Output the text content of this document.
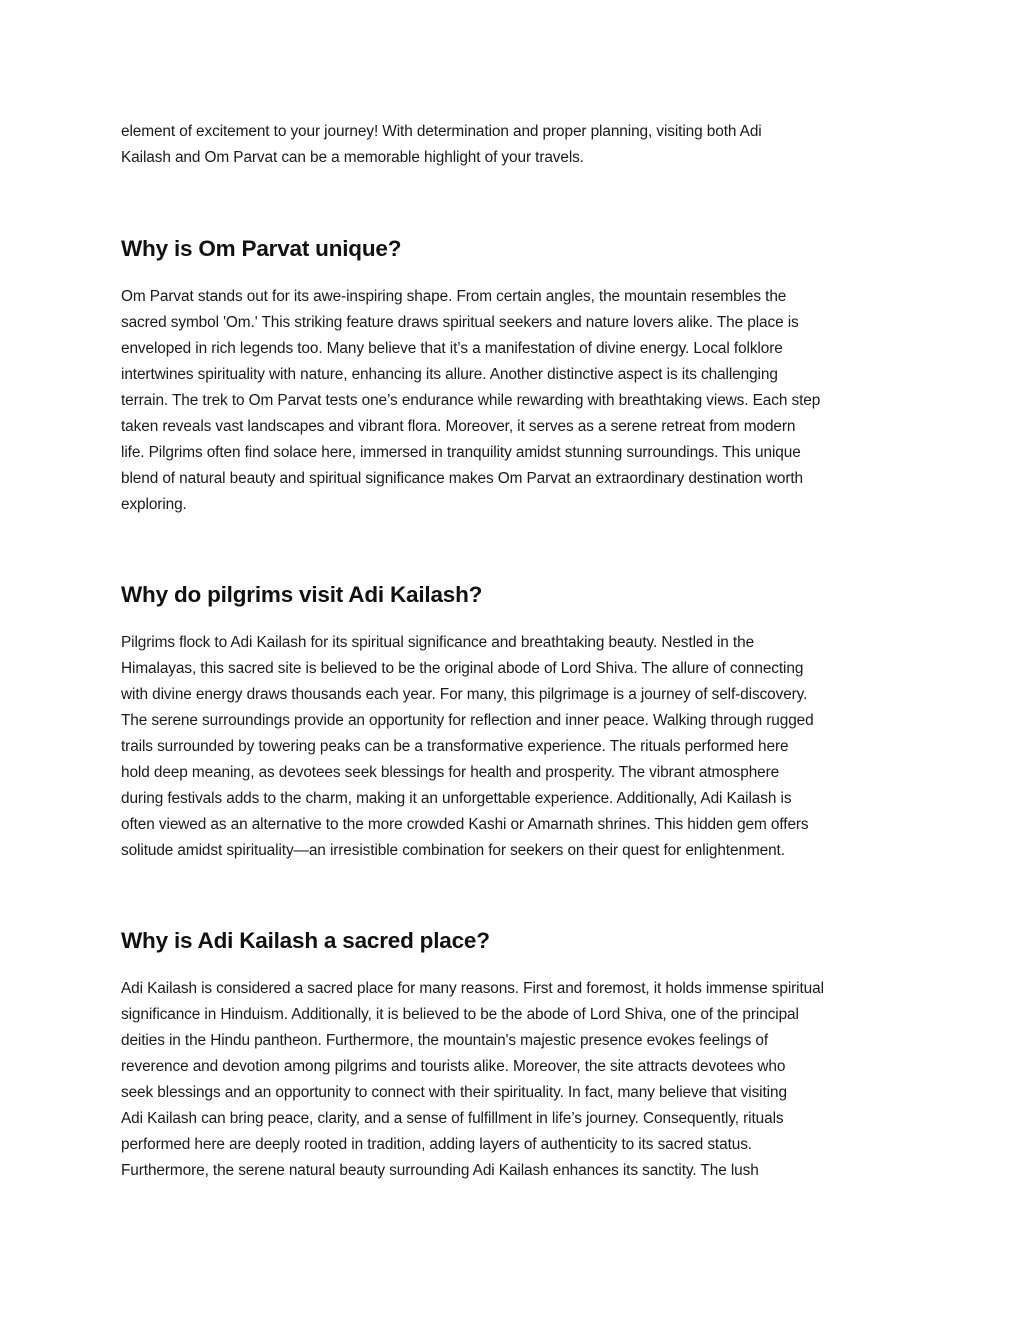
element of excitement to your journey! With determination and proper planning, visiting both Adi
Kailash and Om Parvat can be a memorable highlight of your travels.
Why is Om Parvat unique?
Om Parvat stands out for its awe-inspiring shape. From certain angles, the mountain resembles the
sacred symbol 'Om.' This striking feature draws spiritual seekers and nature lovers alike. The place is
enveloped in rich legends too. Many believe that it’s a manifestation of divine energy. Local folklore
intertwines spirituality with nature, enhancing its allure. Another distinctive aspect is its challenging
terrain. The trek to Om Parvat tests one’s endurance while rewarding with breathtaking views. Each step
taken reveals vast landscapes and vibrant flora. Moreover, it serves as a serene retreat from modern
life. Pilgrims often find solace here, immersed in tranquility amidst stunning surroundings. This unique
blend of natural beauty and spiritual significance makes Om Parvat an extraordinary destination worth
exploring.
Why do pilgrims visit Adi Kailash?
Pilgrims flock to Adi Kailash for its spiritual significance and breathtaking beauty. Nestled in the
Himalayas, this sacred site is believed to be the original abode of Lord Shiva. The allure of connecting
with divine energy draws thousands each year. For many, this pilgrimage is a journey of self-discovery.
The serene surroundings provide an opportunity for reflection and inner peace. Walking through rugged
trails surrounded by towering peaks can be a transformative experience. The rituals performed here
hold deep meaning, as devotees seek blessings for health and prosperity. The vibrant atmosphere
during festivals adds to the charm, making it an unforgettable experience. Additionally, Adi Kailash is
often viewed as an alternative to the more crowded Kashi or Amarnath shrines. This hidden gem offers
solitude amidst spirituality—an irresistible combination for seekers on their quest for enlightenment.
Why is Adi Kailash a sacred place?
Adi Kailash is considered a sacred place for many reasons. First and foremost, it holds immense spiritual
significance in Hinduism. Additionally, it is believed to be the abode of Lord Shiva, one of the principal
deities in the Hindu pantheon. Furthermore, the mountain's majestic presence evokes feelings of
reverence and devotion among pilgrims and tourists alike. Moreover, the site attracts devotees who
seek blessings and an opportunity to connect with their spirituality. In fact, many believe that visiting
Adi Kailash can bring peace, clarity, and a sense of fulfillment in life’s journey. Consequently, rituals
performed here are deeply rooted in tradition, adding layers of authenticity to its sacred status.
Furthermore, the serene natural beauty surrounding Adi Kailash enhances its sanctity. The lush
